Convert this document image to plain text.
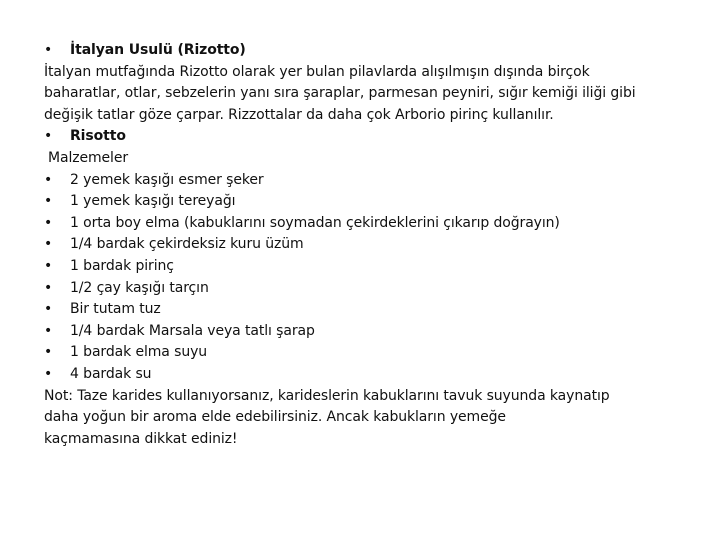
•	İtalyan Usulü (Rizotto)
İtalyan mutfağında Rizotto olarak yer bulan pilavlarda alışılmışın dışında birçok
baharatlar, otlar, sebzelerin yanı sıra şaraplar, parmesan peyniri, sığır kemiği iliği gibi
değişik tatlar göze çarpar. Rizzottalar da daha çok Arborio pirinç kullanılır.
•	Risotto
Malzemeler
•	2 yemek kaşığı esmer şeker
•	1 yemek kaşığı tereyağı
•	1 orta boy elma (kabuklarını soymadan çekirdeklerini çıkarıp doğrayın)
•	1/4 bardak çekirdeksiz kuru üzüm
•	1 bardak pirinç
•	1/2 çay kaşığı tarçın
•	Bir tutam tuz
•	1/4 bardak Marsala veya tatlı şarap
•	1 bardak elma suyu
•	4 bardak su
Not: Taze karides kullanıyorsanız, karideslerin kabuklarını tavuk suyunda kaynatıp
daha yoğun bir aroma elde edebilirsiniz. Ancak kabukların yemeğe
kaçmamasına dikkat ediniz!
